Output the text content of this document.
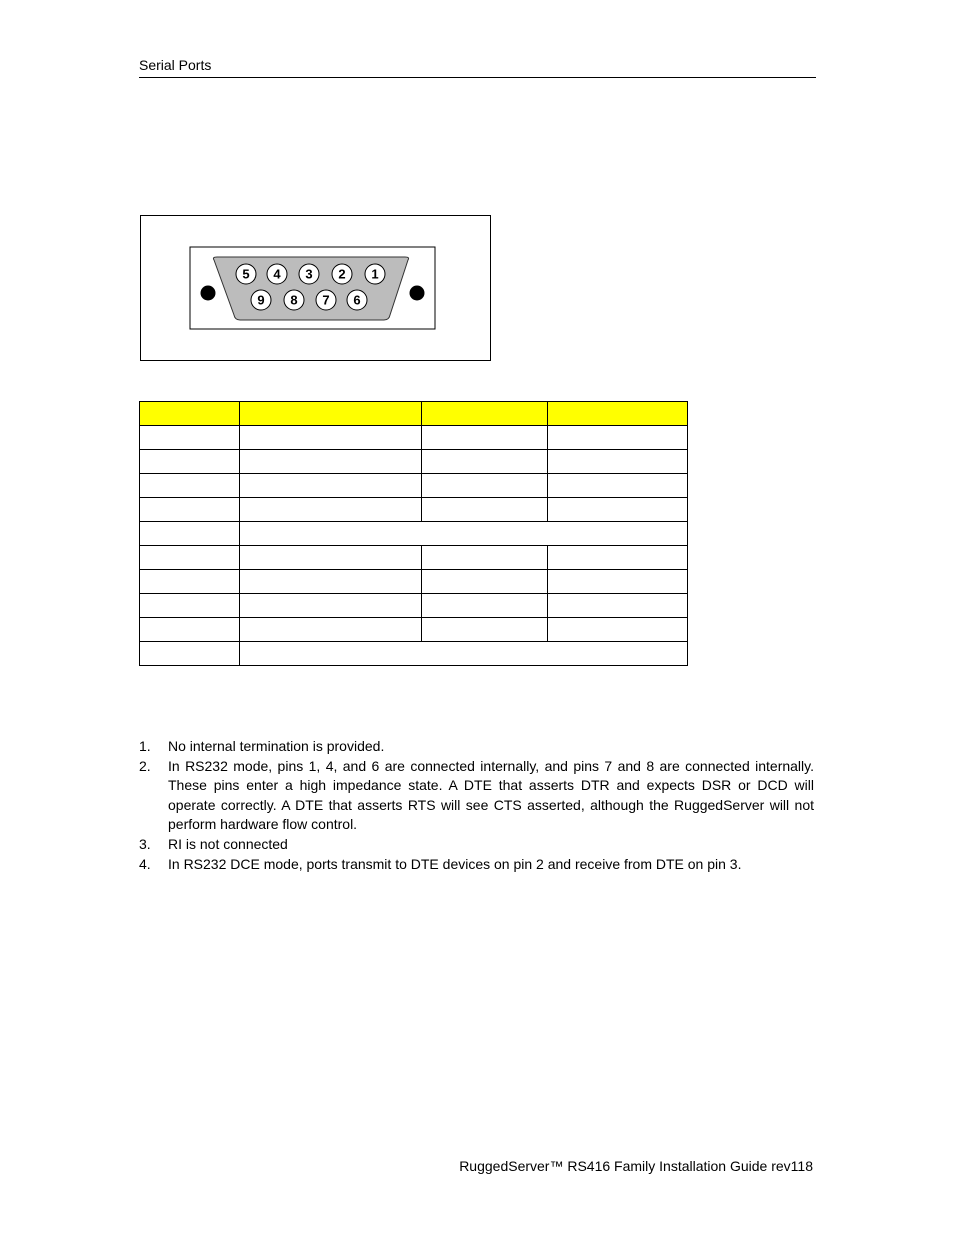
Serial Ports
5 4 3 2 1
9 8 7 6

1. No internal termination is provided.
2. In RS232 mode, pins 1, 4, and 6 are connected internally, and pins 7 and 8 are connected internally. These pins enter a high impedance state. A DTE that asserts DTR and expects DSR or DCD will operate correctly. A DTE that asserts RTS will see CTS asserted, although the RuggedServer will not perform hardware flow control.
3. RI is not connected
4. In RS232 DCE mode, ports transmit to DTE devices on pin 2 and receive from DTE on pin 3.
RuggedServer™ RS416 Family Installation Guide rev118
